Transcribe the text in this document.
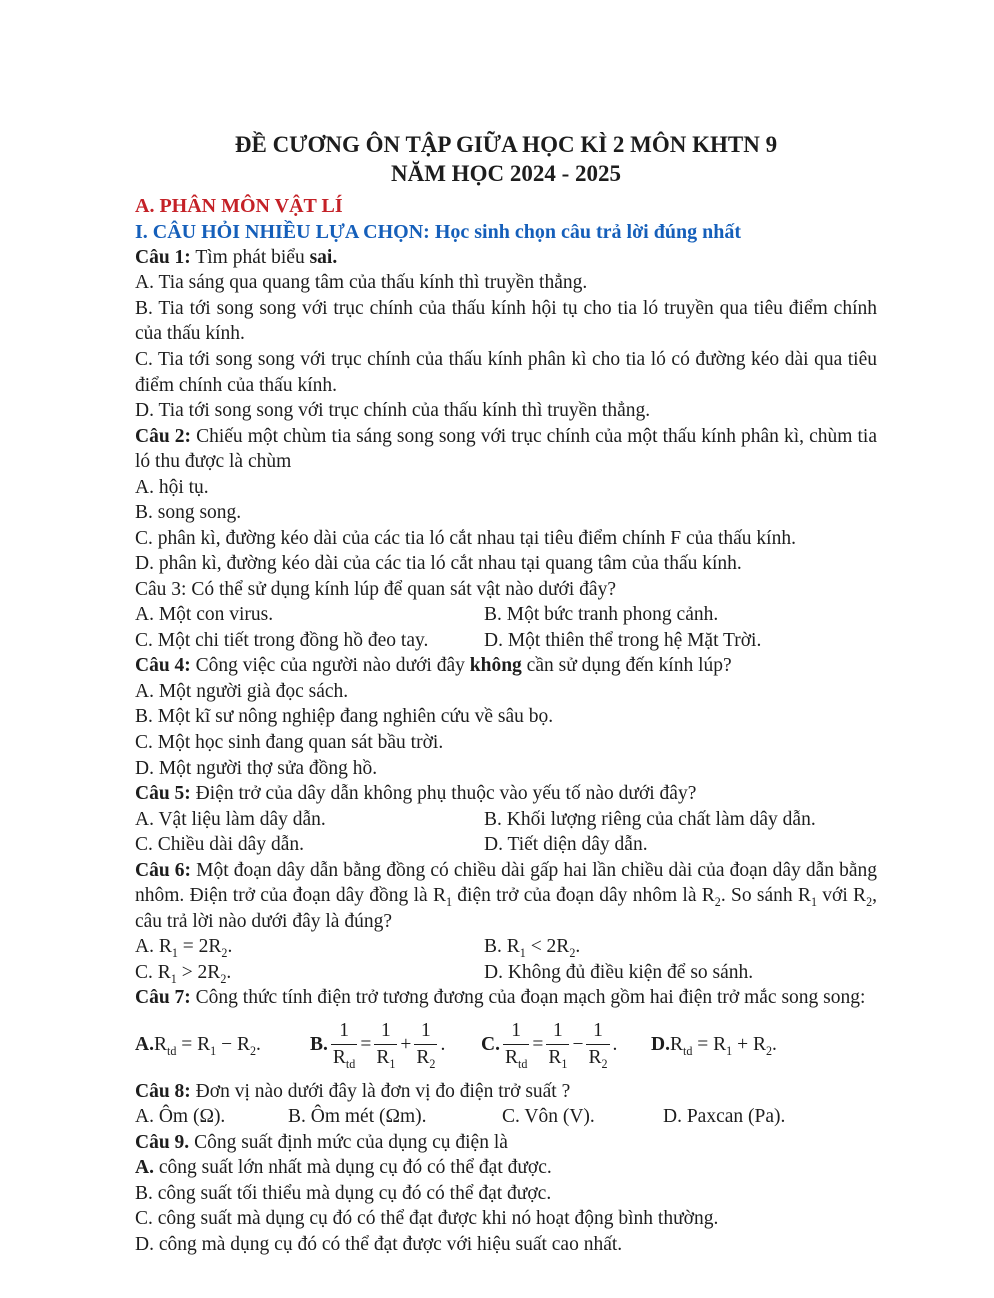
ĐỀ CƯƠNG ÔN TẬP GIỮA HỌC KÌ 2 MÔN KHTN 9
NĂM HỌC 2024 - 2025
A. PHÂN MÔN VẬT LÍ
I. CÂU HỎI NHIỀU LỰA CHỌN: Học sinh chọn câu trả lời đúng nhất

Câu 1: Tìm phát biểu sai.

A. Tia sáng qua quang tâm của thấu kính thì truyền thẳng.

B. Tia tới song song với trục chính của thấu kính hội tụ cho tia ló truyền qua tiêu điểm chính của thấu kính.

C. Tia tới song song với trục chính của thấu kính phân kì cho tia ló có đường kéo dài qua tiêu điểm chính của thấu kính.

D. Tia tới song song với trục chính của thấu kính thì truyền thẳng.

Câu 2: Chiếu một chùm tia sáng song song với trục chính của một thấu kính phân kì, chùm tia ló thu được là chùm

A. hội tụ.

B. song song.

C. phân kì, đường kéo dài của các tia ló cắt nhau tại tiêu điểm chính F của thấu kính.

D. phân kì, đường kéo dài của các tia ló cắt nhau tại quang tâm của thấu kính.

Câu 3: Có thể sử dụng kính lúp để quan sát vật nào dưới đây?

A. Một con virus.	B. Một bức tranh phong cảnh.
C. Một chi tiết trong đồng hồ đeo tay.	D. Một thiên thể trong hệ Mặt Trời.

Câu 4: Công việc của người nào dưới đây không cần sử dụng đến kính lúp?

A. Một người già đọc sách.

B. Một kĩ sư nông nghiệp đang nghiên cứu về sâu bọ.

C. Một học sinh đang quan sát bầu trời.

D. Một người thợ sửa đồng hồ.

Câu 5: Điện trở của dây dẫn không phụ thuộc vào yếu tố nào dưới đây?

A. Vật liệu làm dây dẫn.	B. Khối lượng riêng của chất làm dây dẫn.
C. Chiều dài dây dẫn.	D. Tiết diện dây dẫn.

Câu 6: Một đoạn dây dẫn bằng đồng có chiều dài gấp hai lần chiều dài của đoạn dây dẫn bằng nhôm. Điện trở của đoạn dây đồng là $R_1$ điện trở của đoạn dây nhôm là $R_2$. So sánh $R_1$ với $R_2$, câu trả lời nào dưới đây là đúng?

A. $R_1 = 2R_2$.	B. $R_1 < 2R_2$.
C. $R_1 > 2R_2$.	D. Không đủ điều kiện để so sánh.

Câu 7: Công thức tính điện trở tương đương của đoạn mạch gồm hai điện trở mắc song song:

A. $R_{td} = R_1 - R_2$.	B. $\frac{1}{R_{td}} = \frac{1}{R_1} + \frac{1}{R_2}$ . C. $\frac{1}{R_{td}} = \frac{1}{R_1} - \frac{1}{R_2}$ . D. $R_{td} = R_1 + R_2$.

Câu 8: Đơn vị nào dưới đây là đơn vị đo điện trở suất ?

A. Ôm (Ω).	B. Ôm mét (Ωm).	C. Vôn (V).	D. Paxcan (Pa).

Câu 9. Công suất định mức của dụng cụ điện là

A. công suất lớn nhất mà dụng cụ đó có thể đạt được.

B. công suất tối thiểu mà dụng cụ đó có thể đạt được.

C. công suất mà dụng cụ đó có thể đạt được khi nó hoạt động bình thường.

D. công mà dụng cụ đó có thể đạt được với hiệu suất cao nhất.
